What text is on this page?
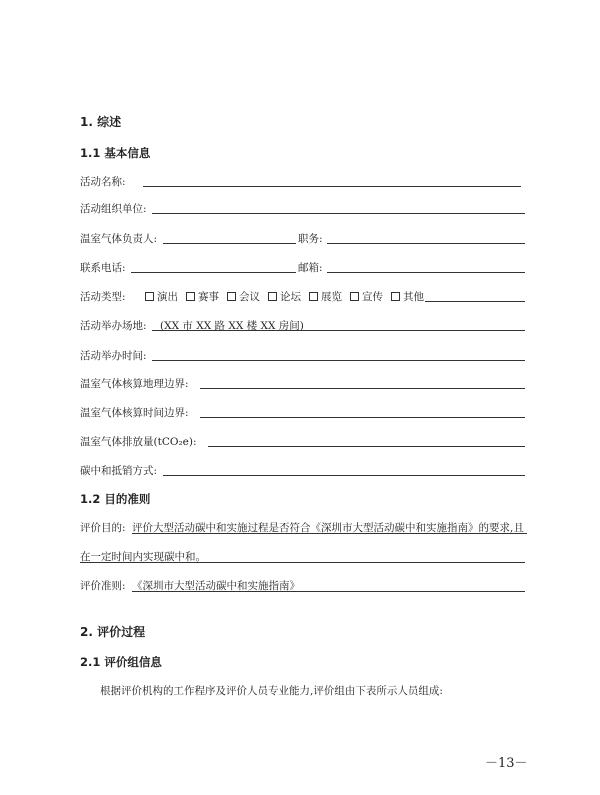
1. 综述
1.1 基本信息
活动名称:
活动组织单位:
温室气体负责人:	职务:
联系电话:	邮箱:
活动类型:	演出 赛事 会议 论坛 展览 宣传 其他
活动举办场地: (XX 市 XX 路 XX 楼 XX 房间)
活动举办时间:
温室气体核算地理边界:
温室气体核算时间边界:
温室气体排放量(tCO₂e):
碳中和抵销方式:
1.2 目的准则
评价目的: 评价大型活动碳中和实施过程是否符合《深圳市大型活动碳中和实施指南》的要求,且
在一定时间内实现碳中和。
评价准则: 《深圳市大型活动碳中和实施指南》
2. 评价过程
2.1 评价组信息
根据评价机构的工作程序及评价人员专业能力,评价组由下表所示人员组成:
－13－
